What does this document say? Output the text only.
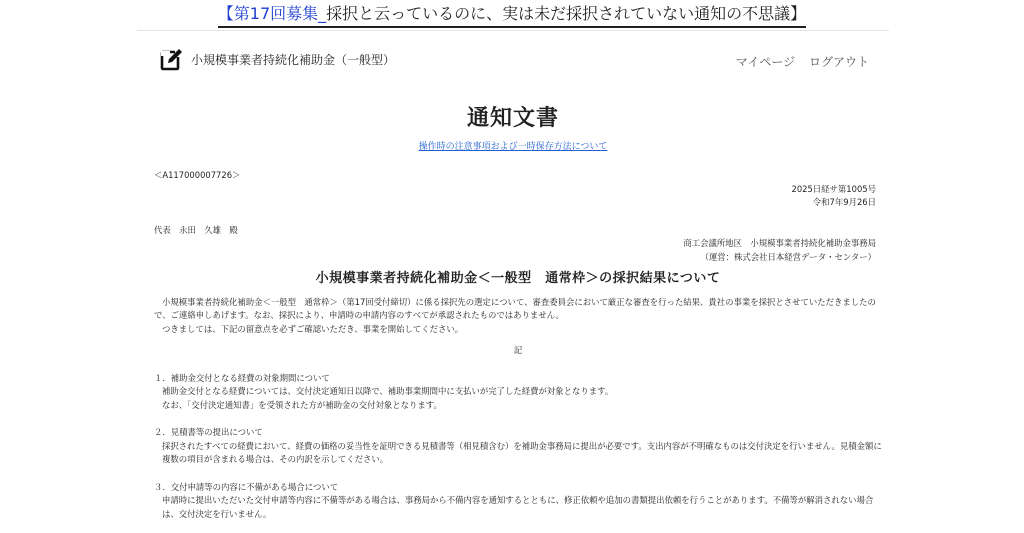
【第17回募集_採択と云っているのに、実は未だ採択されていない通知の不思議】
小規模事業者持続化補助金（一般型）	マイページ ログアウト
通知文書
操作時の注意事項および一時保存方法について

＜A117000007726＞

2025日経サ第1005号

令和7年9月26日

代表　永田　久雄　殿

商工会議所地区　小規模事業者持続化補助金事務局

（運営：株式会社日本経営データ・センター）

小規模事業者持続化補助金＜一般型　通常枠＞の採択結果について

小規模事業者持続化補助金＜一般型　通常枠＞（第17回受付締切）に係る採択先の選定について、審査委員会において厳正な審査を行った結果、貴社の事業を採択とさせていただきましたので、ご連絡申しあげます。なお、採択により、申請時の申請内容のすべてが承認されたものではありません。

つきましては、下記の留意点を必ずご確認いただき、事業を開始してください。

記

１．補助金交付となる経費の対象期間について

補助金交付となる経費については、交付決定通知日以降で、補助事業期間中に支払いが完了した経費が対象となります。

なお、「交付決定通知書」を受領された方が補助金の交付対象となります。

２．見積書等の提出について

採択されたすべての経費において、経費の価格の妥当性を証明できる見積書等（相見積含む）を補助金事務局に提出が必要です。支出内容が不明確なものは交付決定を行いません。見積金額に複数の項目が含まれる場合は、その内訳を示してください。

３．交付申請等の内容に不備がある場合について

申請時に提出いただいた交付申請等内容に不備等がある場合は、事務局から不備内容を通知するとともに、修正依頼や追加の書類提出依頼を行うことがあります。不備等が解消されない場合は、交付決定を行いません。
